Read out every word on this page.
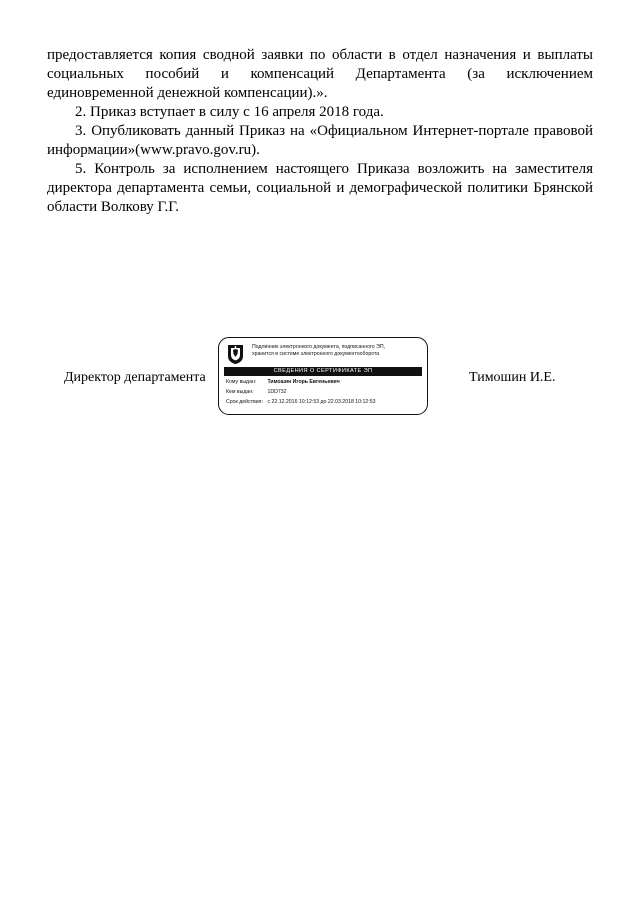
предоставляется копия сводной заявки по области в отдел назначения и выплаты социальных пособий и компенсаций Департамента (за исключением единовременной денежной компенсации).».

2. Приказ вступает в силу с 16 апреля 2018 года.

3. Опубликовать данный Приказ на «Официальном Интернет-портале правовой информации»(www.pravo.gov.ru).

5. Контроль за исполнением настоящего Приказа возложить на заместителя директора департамента семьи, социальной и демографической политики Брянской области Волкову Г.Г.

Директор департамента
Подлинник электронного документа, подписанного ЭП,
хранится в системе электронного документооборота
СВЕДЕНИЯ О СЕРТИФИКАТЕ ЭП
Кому выдан: Тимошин Игорь Евгеньевич
Кем выдан:	1DD732
Срок действия: с 22.12.2016 10:12:53 до 22.03.2018 10:12:53
Тимошин И.Е.
